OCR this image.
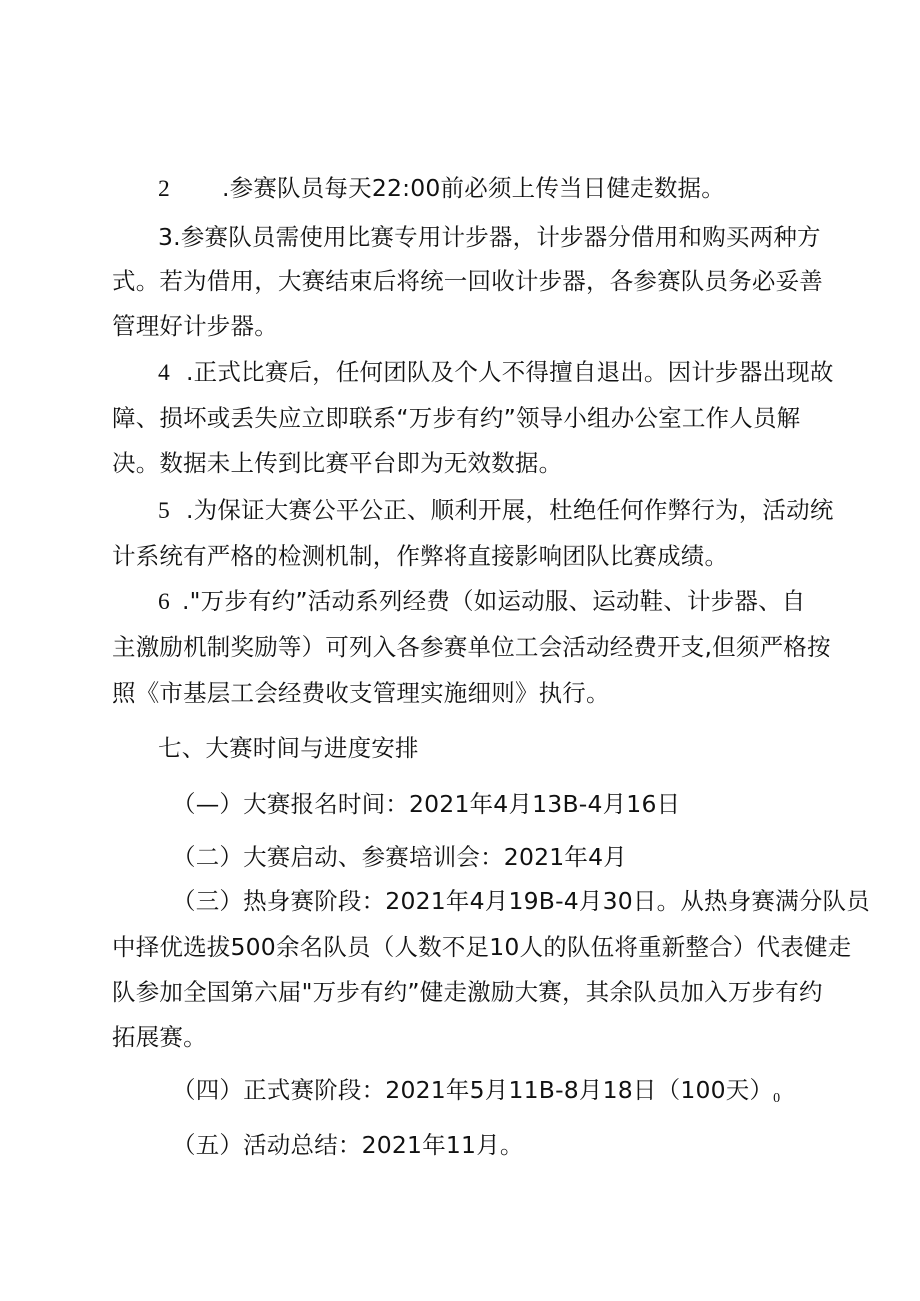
2 .参赛队员每天22:00前必须上传当日健走数据。
3.参赛队员需使用比赛专用计步器，计步器分借用和购买两种方
式。若为借用，大赛结束后将统一回收计步器，各参赛队员务必妥善
管理好计步器。
4 .正式比赛后，任何团队及个人不得擅自退出。因计步器出现故
障、损坏或丢失应立即联系“万步有约”领导小组办公室工作人员解
决。数据未上传到比赛平台即为无效数据。
5 .为保证大赛公平公正、顺利开展，杜绝任何作弊行为，活动统
计系统有严格的检测机制，作弊将直接影响团队比赛成绩。
6 ."万步有约”活动系列经费（如运动服、运动鞋、计步器、自
主激励机制奖励等）可列入各参赛单位工会活动经费开支,但须严格按
照《市基层工会经费收支管理实施细则》执行。
七、大赛时间与进度安排
（—）大赛报名时间：2021年4月13B-4月16日
（二）大赛启动、参赛培训会：2021年4月
（三）热身赛阶段：2021年4月19B-4月30日。从热身赛满分队员
中择优选拔500余名队员（人数不足10人的队伍将重新整合）代表健走
队参加全国第六届"万步有约”健走激励大赛，其余队员加入万步有约
拓展赛。
（四）正式赛阶段：2021年5月11B-8月18日（100天）0
（五）活动总结：2021年11月。
